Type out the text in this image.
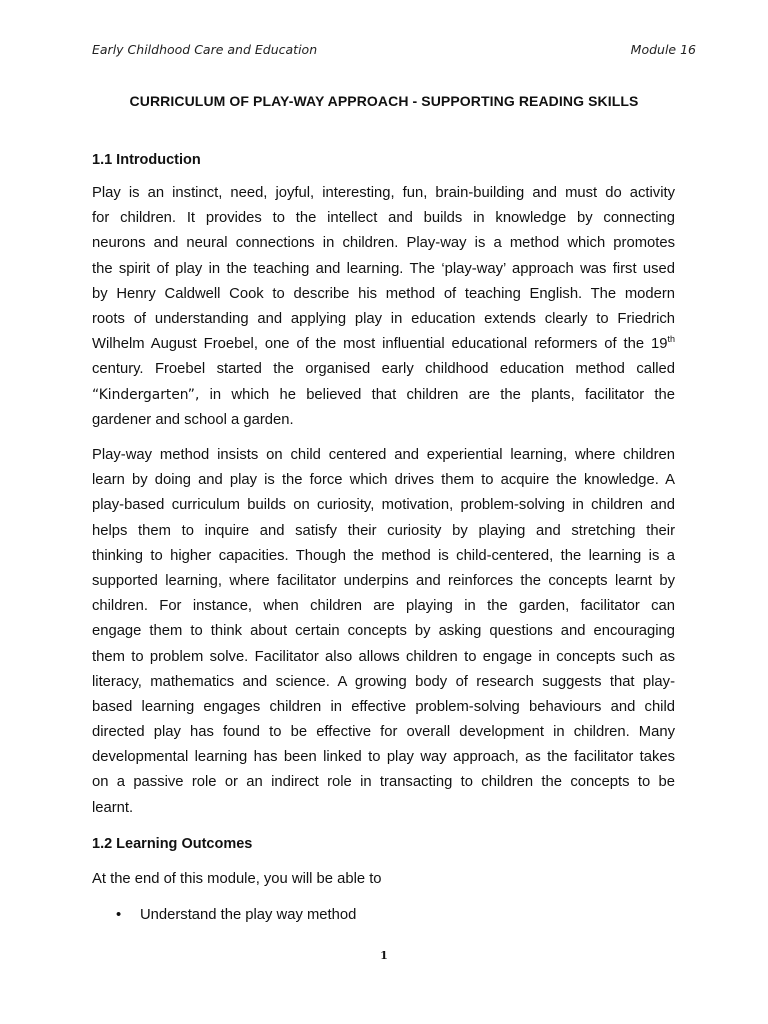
Early Childhood Care and Education	Module 16
CURRICULUM OF PLAY-WAY APPROACH - SUPPORTING READING SKILLS
1.1 Introduction
Play is an instinct, need, joyful, interesting, fun, brain-building and must do activity
for children. It provides to the intellect and builds in knowledge by connecting
neurons and neural connections in children. Play-way is a method which promotes
the spirit of play in the teaching and learning. The ‘play-way’ approach was first used
by Henry Caldwell Cook to describe his method of teaching English. The modern
roots of understanding and applying play in education extends clearly to Friedrich
Wilhelm August Froebel, one of the most influential educational reformers of the 19th
century. Froebel started the organised early childhood education method called
“Kindergarten”, in which he believed that children are the plants, facilitator the
gardener and school a garden.
Play-way method insists on child centered and experiential learning, where children
learn by doing and play is the force which drives them to acquire the knowledge. A
play-based curriculum builds on curiosity, motivation, problem-solving in children and
helps them to inquire and satisfy their curiosity by playing and stretching their
thinking to higher capacities. Though the method is child-centered, the learning is a
supported learning, where facilitator underpins and reinforces the concepts learnt by
children. For instance, when children are playing in the garden, facilitator can
engage them to think about certain concepts by asking questions and encouraging
them to problem solve. Facilitator also allows children to engage in concepts such as
literacy, mathematics and science. A growing body of research suggests that play-
based learning engages children in effective problem-solving behaviours and child
directed play has found to be effective for overall development in children. Many
developmental learning has been linked to play way approach, as the facilitator takes
on a passive role or an indirect role in transacting to children the concepts to be
learnt.
1.2 Learning Outcomes
At the end of this module, you will be able to
• Understand the play way method
1
